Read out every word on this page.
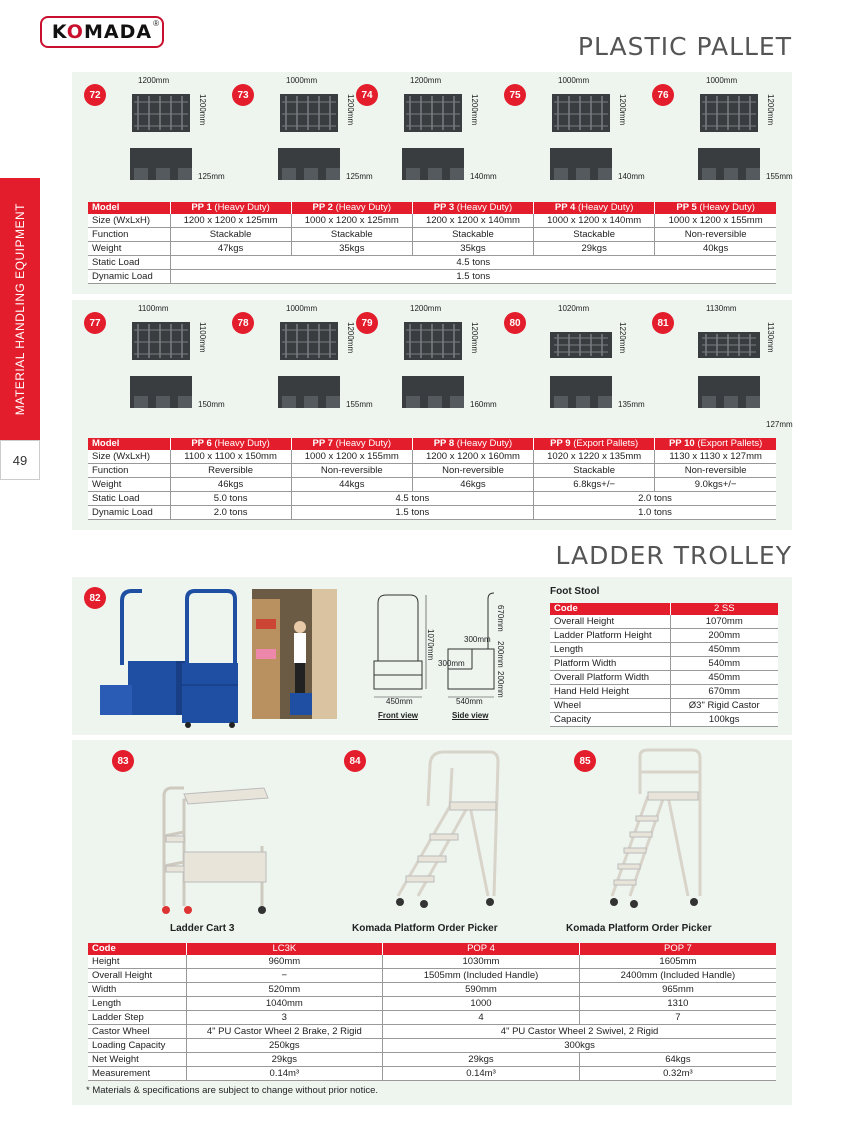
KOMADA ®
PLASTIC PALLET
MATERIAL HANDLING EQUIPMENT
49
72
1200mm
1200mm
125mm
73
1000mm
1200mm
125mm
74
1200mm
1200mm
140mm
75
1000mm
1200mm
140mm
76
1000mm
1200mm
155mm
Model	PP 1 (Heavy Duty)	PP 2 (Heavy Duty)	PP 3 (Heavy Duty)	PP 4 (Heavy Duty)	PP 5 (Heavy Duty)
Size (WxLxH)	1200 x 1200 x 125mm	1000 x 1200 x 125mm	1200 x 1200 x 140mm	1000 x 1200 x 140mm	1000 x 1200 x 155mm
Function	Stackable	Stackable	Stackable	Stackable	Non-reversible
Weight	47kgs	35kgs	35kgs	29kgs	40kgs
Static Load	4.5 tons				
Dynamic Load	1.5 tons				
77
1100mm
1100mm
150mm
78
1000mm
1200mm
155mm
79
1200mm
1200mm
160mm
80
1020mm
1220mm
135mm
81
1130mm
1130mm
127mm
Model	PP 6 (Heavy Duty)	PP 7 (Heavy Duty)	PP 8 (Heavy Duty)	PP 9 (Export Pallets)	PP 10 (Export Pallets)
Size (WxLxH)	1100 x 1100 x 150mm	1000 x 1200 x 155mm	1200 x 1200 x 160mm	1020 x 1220 x 135mm	1130 x 1130 x 127mm
Function	Reversible	Non-reversible	Non-reversible	Stackable	Non-reversible
Weight	46kgs	44kgs	46kgs	6.8kgs+/−	9.0kgs+/−
Static Load	5.0 tons	4.5 tons		2.0 tons	
Dynamic Load	2.0 tons	1.5 tons		1.0 tons	
LADDER TROLLEY
82
1070mm
450mm	540mm
300mm
300mm
200mm
200mm
670mm
Front view	Side view
Foot Stool
Code	2 SS
Overall Height	1070mm
Ladder Platform Height	200mm
Length	450mm
Platform Width	540mm
Overall Platform Width	450mm
Hand Held Height	670mm
Wheel	Ø3" Rigid Castor
Capacity	100kgs
83	84	85
Ladder Cart 3	Komada Platform Order Picker	Komada Platform Order Picker
Code	LC3K	POP 4	POP 7
Height	960mm	1030mm	1605mm
Overall Height	−	1505mm (Included Handle)	2400mm (Included Handle)
Width	520mm	590mm	965mm
Length	1040mm	1000	1310
Ladder Step	3	4	7
Castor Wheel	4" PU Castor Wheel 2 Brake, 2 Rigid	4" PU Castor Wheel 2 Swivel, 2 Rigid	
Loading Capacity	250kgs	300kgs	
Net Weight	29kgs	29kgs	64kgs
Measurement	0.14m³	0.14m³	0.32m³
* Materials & specifications are subject to change without prior notice.
